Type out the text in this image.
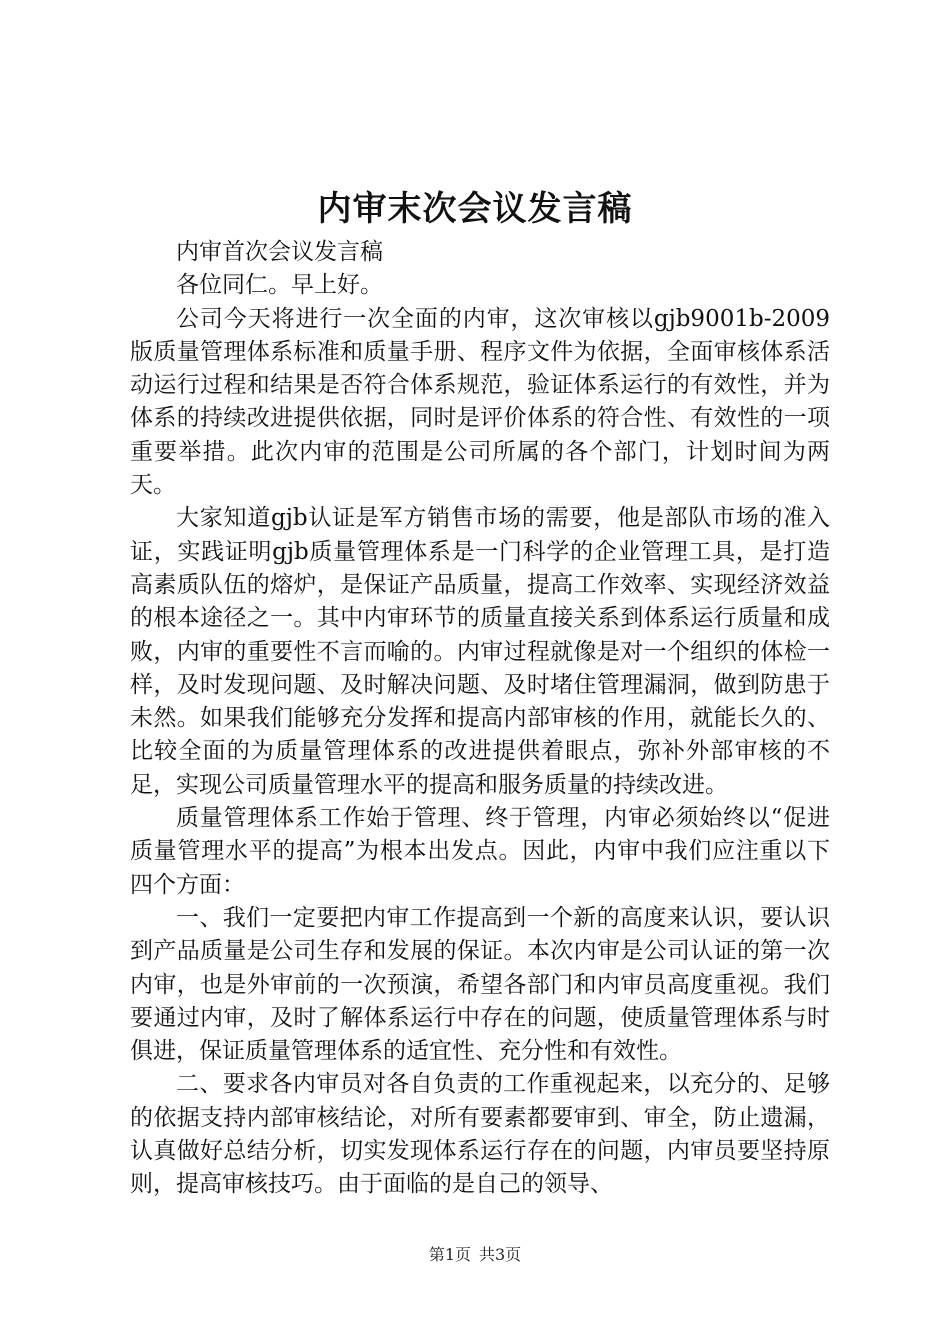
内审末次会议发言稿

内审首次会议发言稿

各位同仁。早上好。

公司今天将进行一次全面的内审，这次审核以gjb9001b-2009版质量管理体系标准和质量手册、程序文件为依据，全面审核体系活动运行过程和结果是否符合体系规范，验证体系运行的有效性，并为体系的持续改进提供依据，同时是评价体系的符合性、有效性的一项重要举措。此次内审的范围是公司所属的各个部门，计划时间为两天。

大家知道gjb认证是军方销售市场的需要，他是部队市场的准入证，实践证明gjb质量管理体系是一门科学的企业管理工具，是打造高素质队伍的熔炉，是保证产品质量，提高工作效率、实现经济效益的根本途径之一。其中内审环节的质量直接关系到体系运行质量和成败，内审的重要性不言而喻的。内审过程就像是对一个组织的体检一样，及时发现问题、及时解决问题、及时堵住管理漏洞，做到防患于未然。如果我们能够充分发挥和提高内部审核的作用，就能长久的、比较全面的为质量管理体系的改进提供着眼点，弥补外部审核的不足，实现公司质量管理水平的提高和服务质量的持续改进。

质量管理体系工作始于管理、终于管理，内审必须始终以“促进质量管理水平的提高”为根本出发点。因此，内审中我们应注重以下四个方面：

一、我们一定要把内审工作提高到一个新的高度来认识，要认识到产品质量是公司生存和发展的保证。本次内审是公司认证的第一次内审，也是外审前的一次预演，希望各部门和内审员高度重视。我们要通过内审，及时了解体系运行中存在的问题，使质量管理体系与时俱进，保证质量管理体系的适宜性、充分性和有效性。

二、要求各内审员对各自负责的工作重视起来，以充分的、足够的依据支持内部审核结论，对所有要素都要审到、审全，防止遗漏，认真做好总结分析，切实发现体系运行存在的问题，内审员要坚持原则，提高审核技巧。由于面临的是自己的领导、

第1页 共3页
